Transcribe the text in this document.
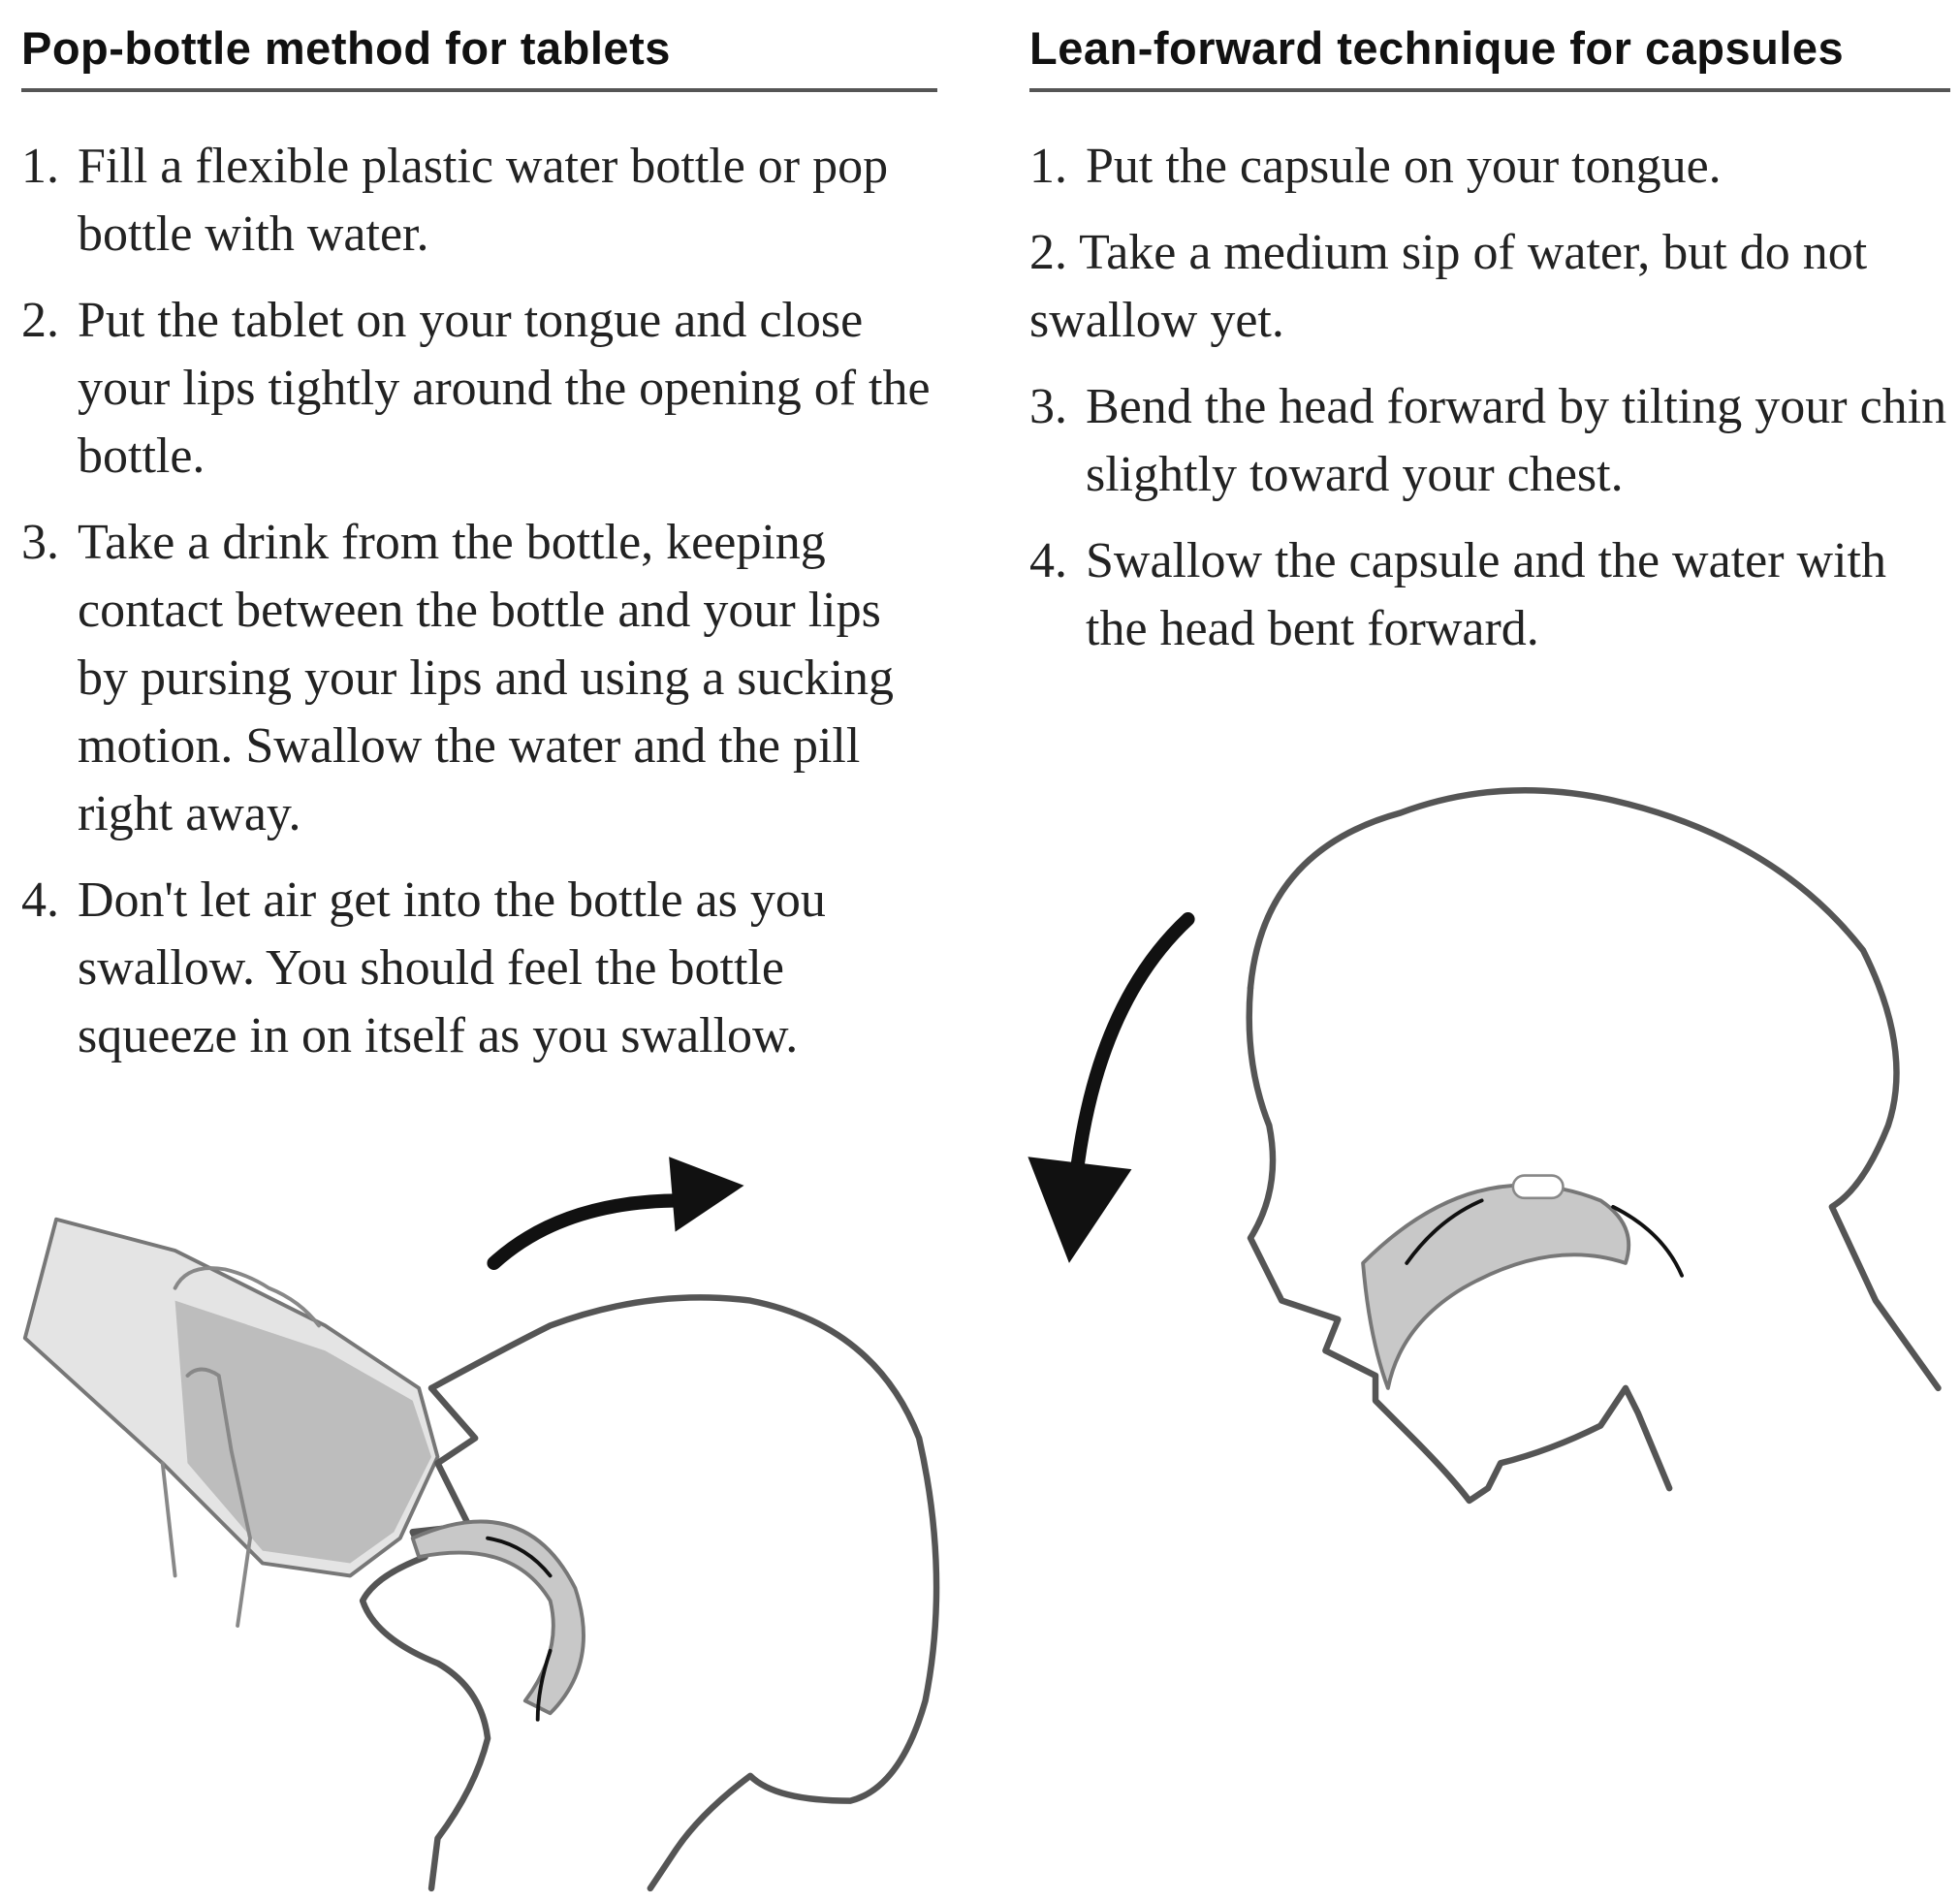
Pop-bottle method for tablets
1. Fill a flexible plastic water bottle or pop bottle with water.
2. Put the tablet on your tongue and close your lips tightly around the opening of the bottle.
3. Take a drink from the bottle, keeping contact between the bottle and your lips by pursing your lips and using a sucking motion. Swallow the water and the pill right away.
4. Don't let air get into the bottle as you swallow. You should feel the bottle squeeze in on itself as you swallow.
Lean-forward technique for capsules
1. Put the capsule on your tongue.
2. Take a medium sip of water, but do not swallow yet.
3. Bend the head forward by tilting your chin slightly toward your chest.
4. Swallow the capsule and the water with the head bent forward.
